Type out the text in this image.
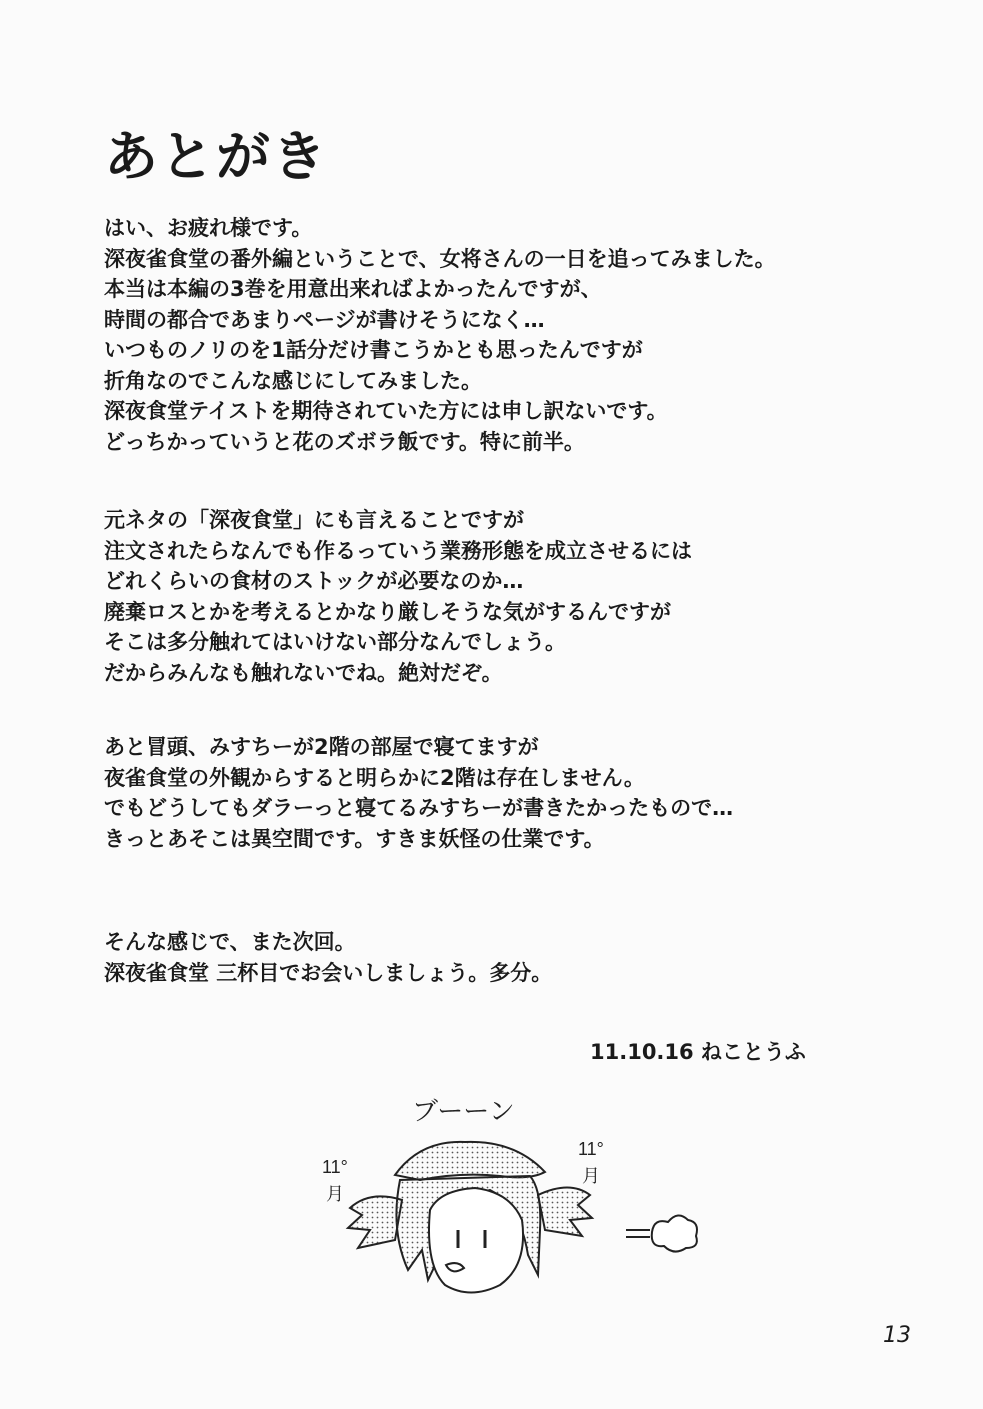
あとがき
はい、お疲れ様です。
深夜雀食堂の番外編ということで、女将さんの一日を追ってみました。
本当は本編の3巻を用意出来ればよかったんですが、
時間の都合であまりページが書けそうになく…
いつものノリのを1話分だけ書こうかとも思ったんですが
折角なのでこんな感じにしてみました。
深夜食堂テイストを期待されていた方には申し訳ないです。
どっちかっていうと花のズボラ飯です。特に前半。
元ネタの「深夜食堂」にも言えることですが
注文されたらなんでも作るっていう業務形態を成立させるには
どれくらいの食材のストックが必要なのか…
廃棄ロスとかを考えるとかなり厳しそうな気がするんですが
そこは多分触れてはいけない部分なんでしょう。
だからみんなも触れないでね。絶対だぞ。
あと冒頭、みすちーが2階の部屋で寝てますが
夜雀食堂の外観からすると明らかに2階は存在しません。
でもどうしてもダラーっと寝てるみすちーが書きたかったもので…
きっとあそこは異空間です。すきま妖怪の仕業です。
そんな感じで、また次回。
深夜雀食堂 三杯目でお会いしましょう。多分。
11.10.16 ねことうふ
ブーーン
11°
月
11°
月
13
